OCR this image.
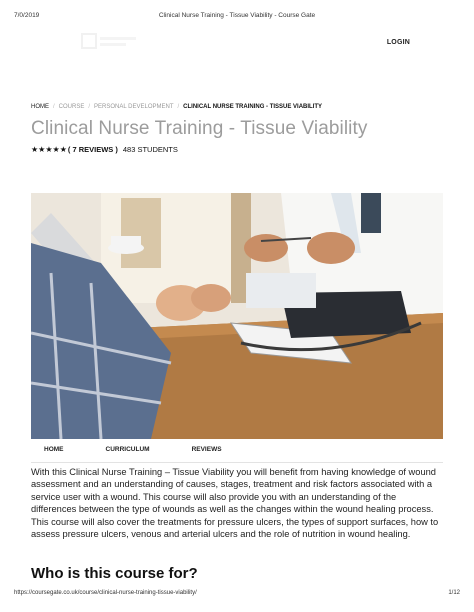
7/0/2019	Clinical Nurse Training - Tissue Viability - Course Gate
LOGIN
HOME / COURSE / PERSONAL DEVELOPMENT / CLINICAL NURSE TRAINING - TISSUE VIABILITY
Clinical Nurse Training - Tissue Viability
★ ★ ★ ★ ★ ( 7 REVIEWS ) 483 STUDENTS
HOME	CURRICULUM	REVIEWS

With this Clinical Nurse Training – Tissue Viability you will benefit from having knowledge of wound assessment and an understanding of causes, stages, treatment and risk factors associated with a service user with a wound. This course will also provide you with an understanding of the differences between the type of wounds as well as the changes within the wound healing process. This course will also cover the treatments for pressure ulcers, the types of support surfaces, how to assess pressure ulcers, venous and arterial ulcers and the role of nutrition in wound healing.

Who is this course for?
https://coursegate.co.uk/course/clinical-nurse-training-tissue-viability/	1/12
